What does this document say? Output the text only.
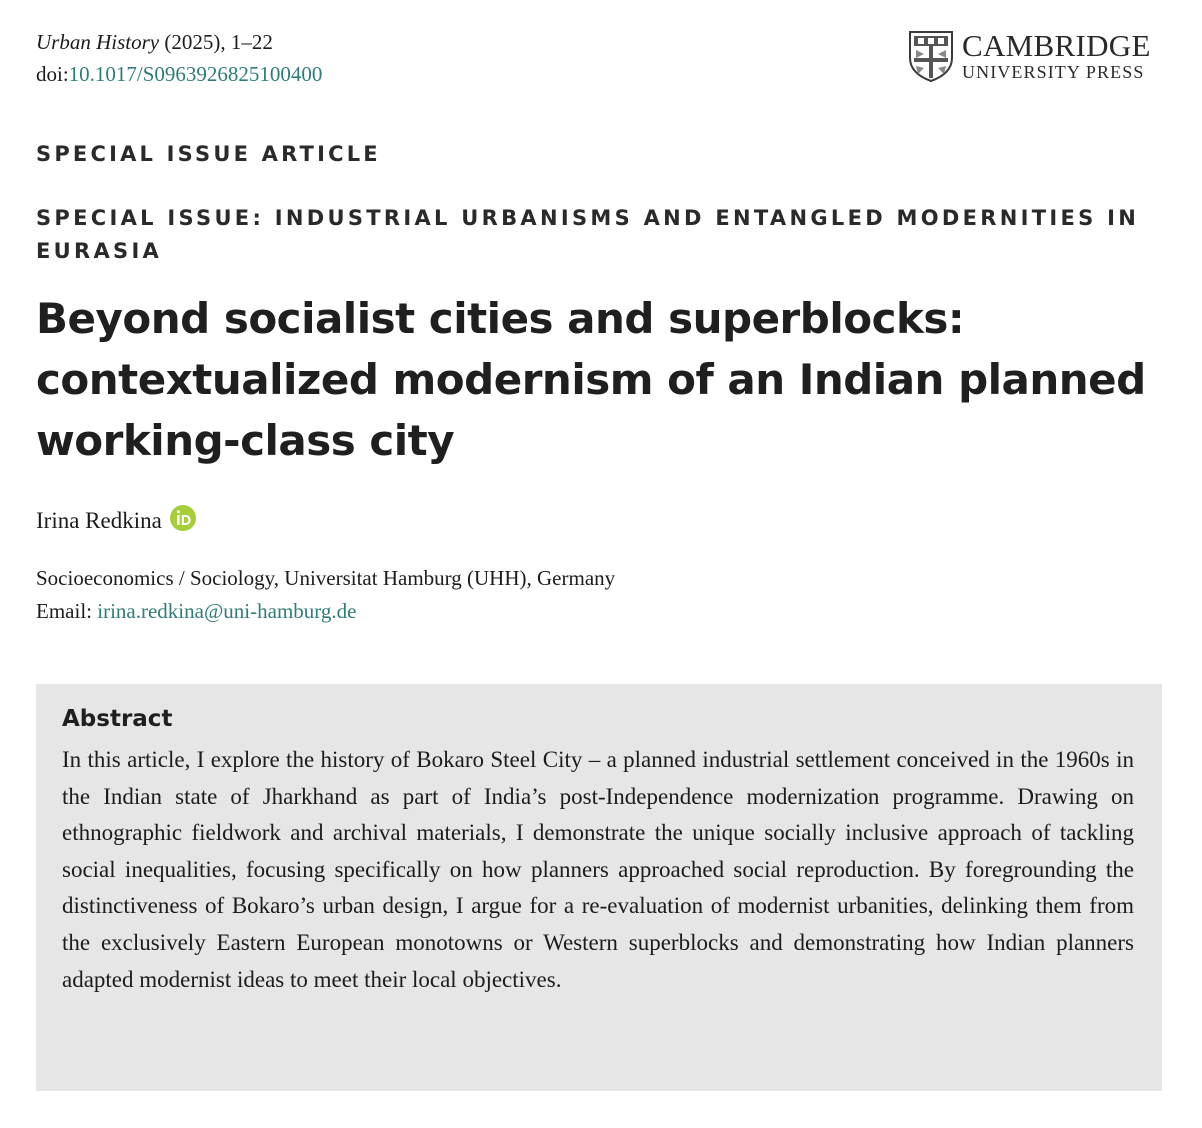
Urban History (2025), 1–22
doi:10.1017/S0963926825100400
CAMBRIDGE
UNIVERSITY PRESS
SPECIAL ISSUE ARTICLE
SPECIAL ISSUE: INDUSTRIAL URBANISMS AND ENTANGLED MODERNITIES IN EURASIA
Beyond socialist cities and superblocks: contextualized modernism of an Indian planned working-class city
Irina Redkina
Socioeconomics / Sociology, Universitat Hamburg (UHH), Germany
Email: irina.redkina@uni-hamburg.de
Abstract

In this article, I explore the history of Bokaro Steel City – a planned industrial settlement conceived in the 1960s in the Indian state of Jharkhand as part of India’s post-Independence modernization programme. Drawing on ethnographic fieldwork and archival materials, I demonstrate the unique socially inclusive approach of tackling social inequalities, focusing specifically on how planners approached social reproduction. By foregrounding the distinctiveness of Bokaro’s urban design, I argue for a re-evaluation of modernist urbanities, delinking them from the exclusively Eastern European monotowns or Western superblocks and demonstrating how Indian planners adapted modernist ideas to meet their local objectives.
